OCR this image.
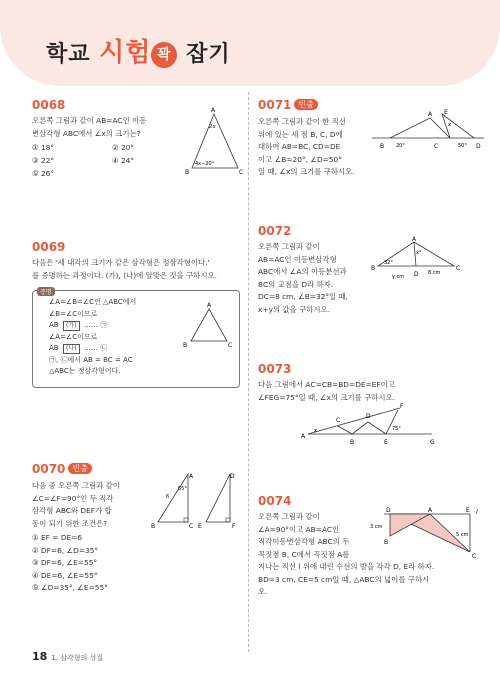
학교 시험 꽉 잡기
0068
오른쪽 그림과 같이 AB=AC인 이등
변삼각형 ABC에서 ∠x의 크기는?
① 18°	② 20°
③ 22°	④ 24°
⑤ 26°
A
B	C
2x
4x−20°
0069
다음은 '세 내각의 크기가 같은 삼각형은 정삼각형이다.'
를 증명하는 과정이다. (가), (나)에 알맞은 것을 구하시오.
증명
∠A=∠B=∠C인 △ABC에서
∠B=∠C이므로
AB (가) …… ㉠
∠A=∠C이므로
AB (나) …… ㉡
㉠, ㉡에서 AB = BC = AC
△ABC는 정삼각형이다.
A
B	C
0070 빈출
다음 중 오른쪽 그림과 같이
∠C=∠F=90°인 두 직각
삼각형 ABC와 DEF가 합
동이 되기 위한 조건은?
① EF = DE=6
② DF=6, ∠D=35°
③ DF=6, ∠E=55°
④ DE=6, ∠E=55°
⑤ ∠D=35°, ∠E=55°
A
B	C
6
55°
D
E	F
0071 빈출
오른쪽 그림과 같이 한 직선
위에 있는 세 점 B, C, D에
대하여 AB=BC, CD=DE
이고 ∠B=20°, ∠D=50°
일 때, ∠x의 크기를 구하시오.
A
B	C	D
E
20°	50°
x
0072
오른쪽 그림과 같이
AB=AC인 이등변삼각형
ABC에서 ∠A의 이등분선과
BC의 교점을 D라 하자.
DC=8 cm, ∠B=32°일 때,
x+y의 값을 구하시오.
A
B	C
D
32°
x°
y cm
8 cm
0073
다음 그림에서 AC=CB=BD=DE=EF이고
∠FEG=75°일 때, ∠x의 크기를 구하시오.
A
B
C
D
E
F
G
x	75°
0074
오른쪽 그림과 같이
∠A=90°이고 AB=AC인
직각이등변삼각형 ABC의 두
꼭짓점 B, C에서 꼭짓점 A를
지나는 직선 l 위에 내린 수선의 발을 각각 D, E라 하자.
BD=3 cm, CE=5 cm일 때, △ABC의 넓이를 구하시
오.
D	A	E l
B
C
3 cm
5 cm
18 1. 삼각형의 성질
